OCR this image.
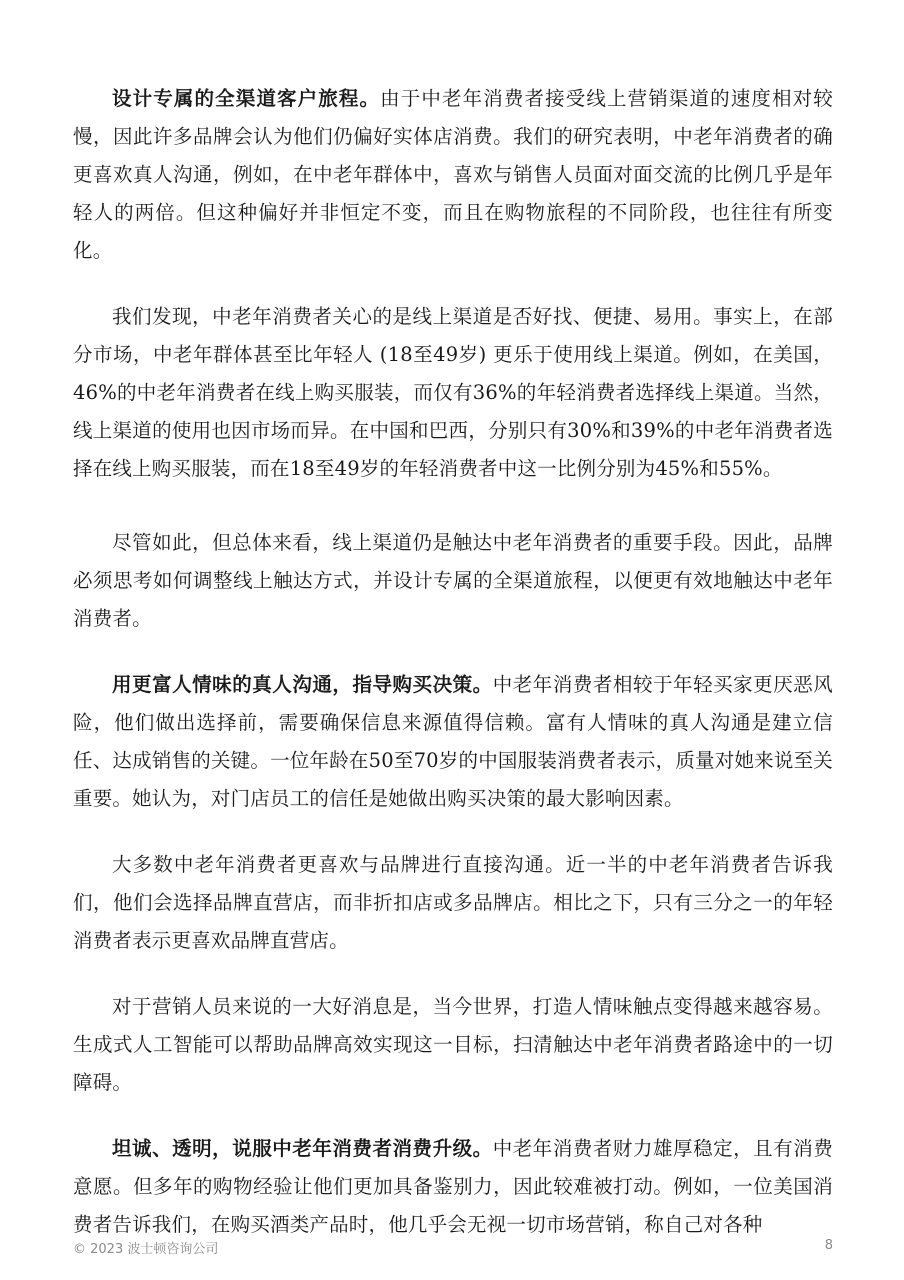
设计专属的全渠道客户旅程。由于中老年消费者接受线上营销渠道的速度相对较慢，因此许多品牌会认为他们仍偏好实体店消费。我们的研究表明，中老年消费者的确更喜欢真人沟通，例如，在中老年群体中，喜欢与销售人员面对面交流的比例几乎是年轻人的两倍。但这种偏好并非恒定不变，而且在购物旅程的不同阶段，也往往有所变化。

我们发现，中老年消费者关心的是线上渠道是否好找、便捷、易用。事实上，在部分市场，中老年群体甚至比年轻人 (18至49岁) 更乐于使用线上渠道。例如，在美国，46%的中老年消费者在线上购买服装，而仅有36%的年轻消费者选择线上渠道。当然，线上渠道的使用也因市场而异。在中国和巴西，分别只有30%和39%的中老年消费者选择在线上购买服装，而在18至49岁的年轻消费者中这一比例分别为45%和55%。

尽管如此，但总体来看，线上渠道仍是触达中老年消费者的重要手段。因此，品牌必须思考如何调整线上触达方式，并设计专属的全渠道旅程，以便更有效地触达中老年消费者。

用更富人情味的真人沟通，指导购买决策。中老年消费者相较于年轻买家更厌恶风险，他们做出选择前，需要确保信息来源值得信赖。富有人情味的真人沟通是建立信任、达成销售的关键。一位年龄在50至70岁的中国服装消费者表示，质量对她来说至关重要。她认为，对门店员工的信任是她做出购买决策的最大影响因素。

大多数中老年消费者更喜欢与品牌进行直接沟通。近一半的中老年消费者告诉我们，他们会选择品牌直营店，而非折扣店或多品牌店。相比之下，只有三分之一的年轻消费者表示更喜欢品牌直营店。

对于营销人员来说的一大好消息是，当今世界，打造人情味触点变得越来越容易。生成式人工智能可以帮助品牌高效实现这一目标，扫清触达中老年消费者路途中的一切障碍。

坦诚、透明，说服中老年消费者消费升级。中老年消费者财力雄厚稳定，且有消费意愿。但多年的购物经验让他们更加具备鉴别力，因此较难被打动。例如，一位美国消费者告诉我们，在购买酒类产品时，他几乎会无视一切市场营销，称自己对各种

© 2023 波士顿咨询公司	8
